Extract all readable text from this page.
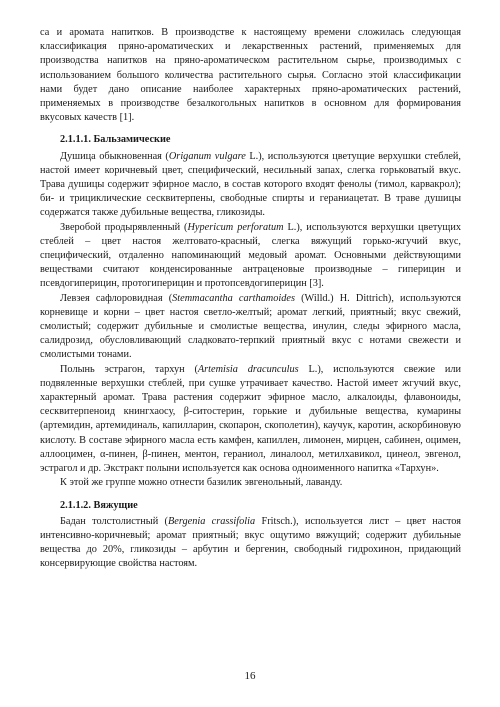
са и аромата напитков. В производстве к настоящему времени сложилась следующая классификация пряно-ароматических и лекарственных растений, применяемых для производства напитков на пряно-ароматическом растительном сырье, производимых с использованием большого количества растительного сырья. Согласно этой классификации нами будет дано описание наиболее характерных пряно-ароматических растений, применяемых в производстве безалкогольных напитков в основном для формирования вкусовых качеств [1].

2.1.1.1. Бальзамические

Душица обыкновенная (Origanum vulgare L.), используются цветущие верхушки стеблей, настой имеет коричневый цвет, специфический, несильный запах, слегка горьковатый вкус. Трава душицы содержит эфирное масло, в состав которого входят фенолы (тимол, карвакрол); би- и трициклические сесквитерпены, свободные спирты и гераниацетат. В траве душицы содержатся также дубильные вещества, гликозиды.

Зверобой продырявленный (Hypericum perforatum L.), используются верхушки цветущих стеблей – цвет настоя желтовато-красный, слегка вяжущий горько-жгучий вкус, специфический, отдаленно напоминающий медовый аромат. Основными действующими веществами считают конденсированные антраценовые производные – гиперицин и псевдогиперицин, протогиперицин и протопсевдогиперицин [3].

Левзея сафлоровидная (Stemmacantha carthamoides (Willd.) H. Dittrich), используются корневище и корни – цвет настоя светло-желтый; аромат легкий, приятный; вкус свежий, смолистый; содержит дубильные и смолистые вещества, инулин, следы эфирного масла, салидрозид, обусловливающий сладковато-терпкий приятный вкус с нотами свежести и смолистыми тонами.

Полынь эстрагон, тархун (Artemisia dracunculus L.), используются свежие или подвяленные верхушки стеблей, при сушке утрачивает качество. Настой имеет жгучий вкус, характерный аромат. Трава растения содержит эфирное масло, алкалоиды, флавоноиды, сесквитерпеноид кнингхаоcу, β-ситостерин, горькие и дубильные вещества, кумарины (артемидин, артемидиналь, капилларин, скопарон, скополетин), каучук, каротин, аскорбиновую кислоту. В составе эфирного масла есть камфен, капиллен, лимонен, мирцен, сабинен, оцимен, аллооцимен, α-пинен, β-пинен, ментон, гераниол, линалоол, метилхавикол, цинеол, эвгенол, эстрагол и др. Экстракт полыни используется как основа одноименного напитка «Тархун».

К этой же группе можно отнести базилик эвгенольный, лаванду.

2.1.1.2. Вяжущие

Бадан толстолистный (Bergenia crassifolia Fritsch.), используется лист – цвет настоя интенсивно-коричневый; аромат приятный; вкус ощутимо вяжущий; содержит дубильные вещества до 20%, гликозиды – арбутин и бергенин, свободный гидрохинон, придающий консервирующие свойства настоям.

16
